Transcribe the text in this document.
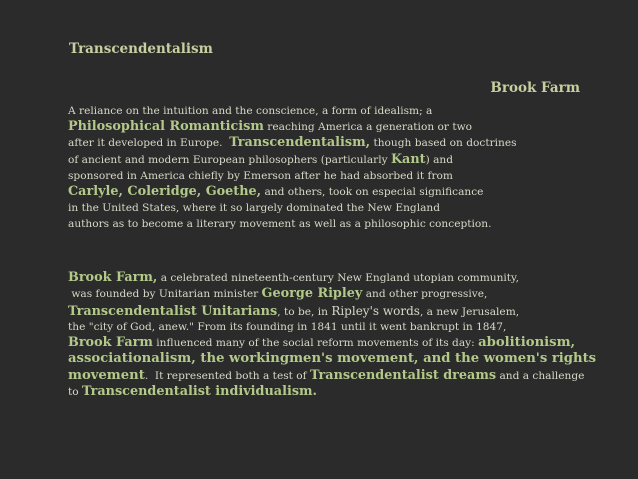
Transcendentalism
Brook Farm
A reliance on the intuition and the conscience, a form of idealism; a
Philosophical Romanticism reaching America a generation or two
after it developed in Europe.  Transcendentalism, though based on doctrines
of ancient and modern European philosophers (particularly Kant) and
sponsored in America chiefly by Emerson after he had absorbed it from
Carlyle, Coleridge, Goethe, and others, took on especial significance
in the United States, where it so largely dominated the New England
authors as to become a literary movement as well as a philosophic conception.
Brook Farm, a celebrated nineteenth-century New England utopian community,
was founded by Unitarian minister George Ripley and other progressive,
Transcendentalist Unitarians, to be, in Ripley's words, a new Jerusalem,
the "city of God, anew." From its founding in 1841 until it went bankrupt in 1847,
Brook Farm influenced many of the social reform movements of its day: abolitionism,
associationalism, the workingmen's movement, and the women's rights
movement.  It represented both a test of Transcendentalist dreams and a challenge
to Transcendentalist individualism.
